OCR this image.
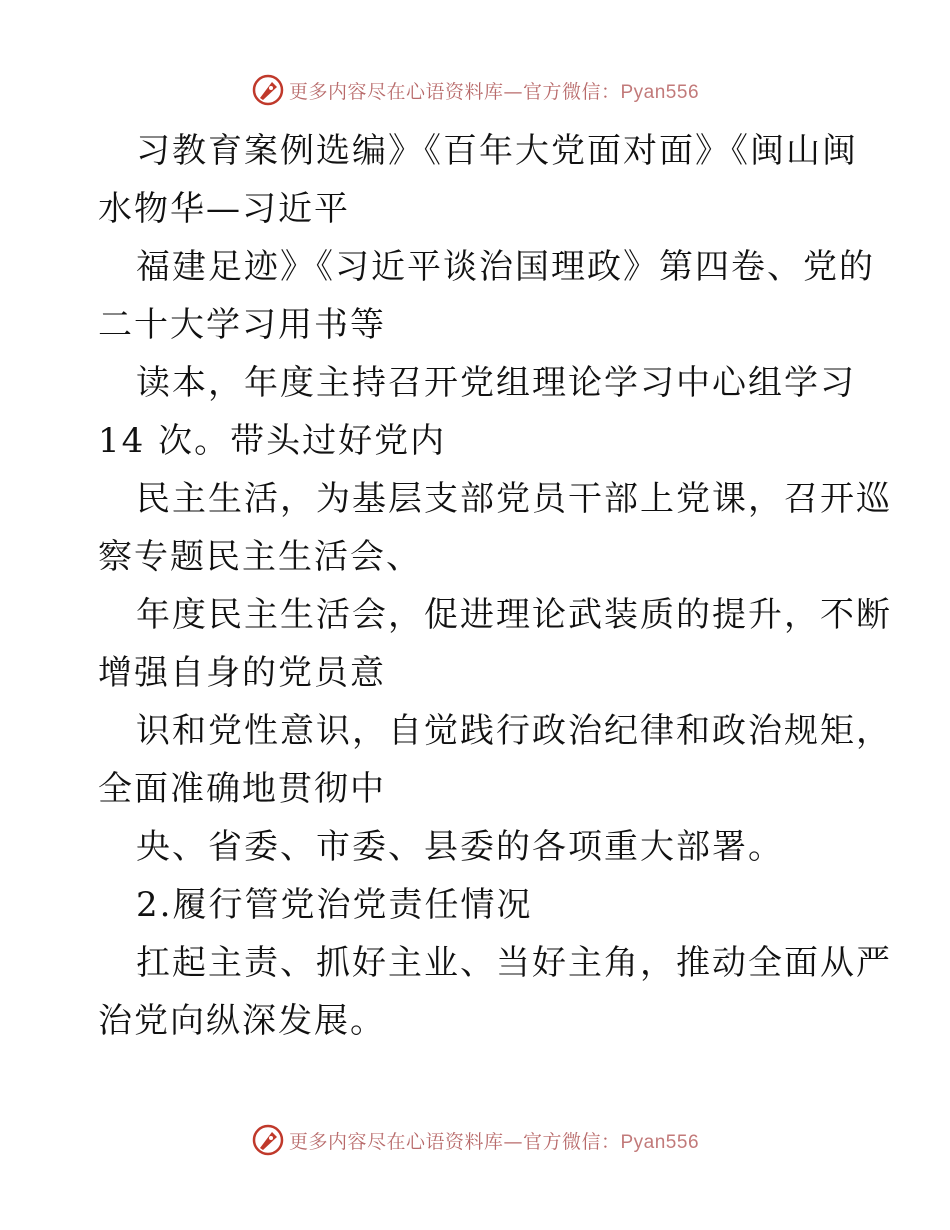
更多内容尽在心语资料库—官方微信：Pyan556
习教育案例选编》《百年大党面对面》《闽山闽
水物华—习近平
福建足迹》《习近平谈治国理政》第四卷、党的
二十大学习用书等
读本，年度主持召开党组理论学习中心组学习
14 次。带头过好党内
民主生活，为基层支部党员干部上党课，召开巡
察专题民主生活会、
年度民主生活会，促进理论武装质的提升，不断
增强自身的党员意
识和党性意识，自觉践行政治纪律和政治规矩，
全面准确地贯彻中
央、省委、市委、县委的各项重大部署。
2.履行管党治党责任情况
扛起主责、抓好主业、当好主角，推动全面从严
治党向纵深发展。
更多内容尽在心语资料库—官方微信：Pyan556
